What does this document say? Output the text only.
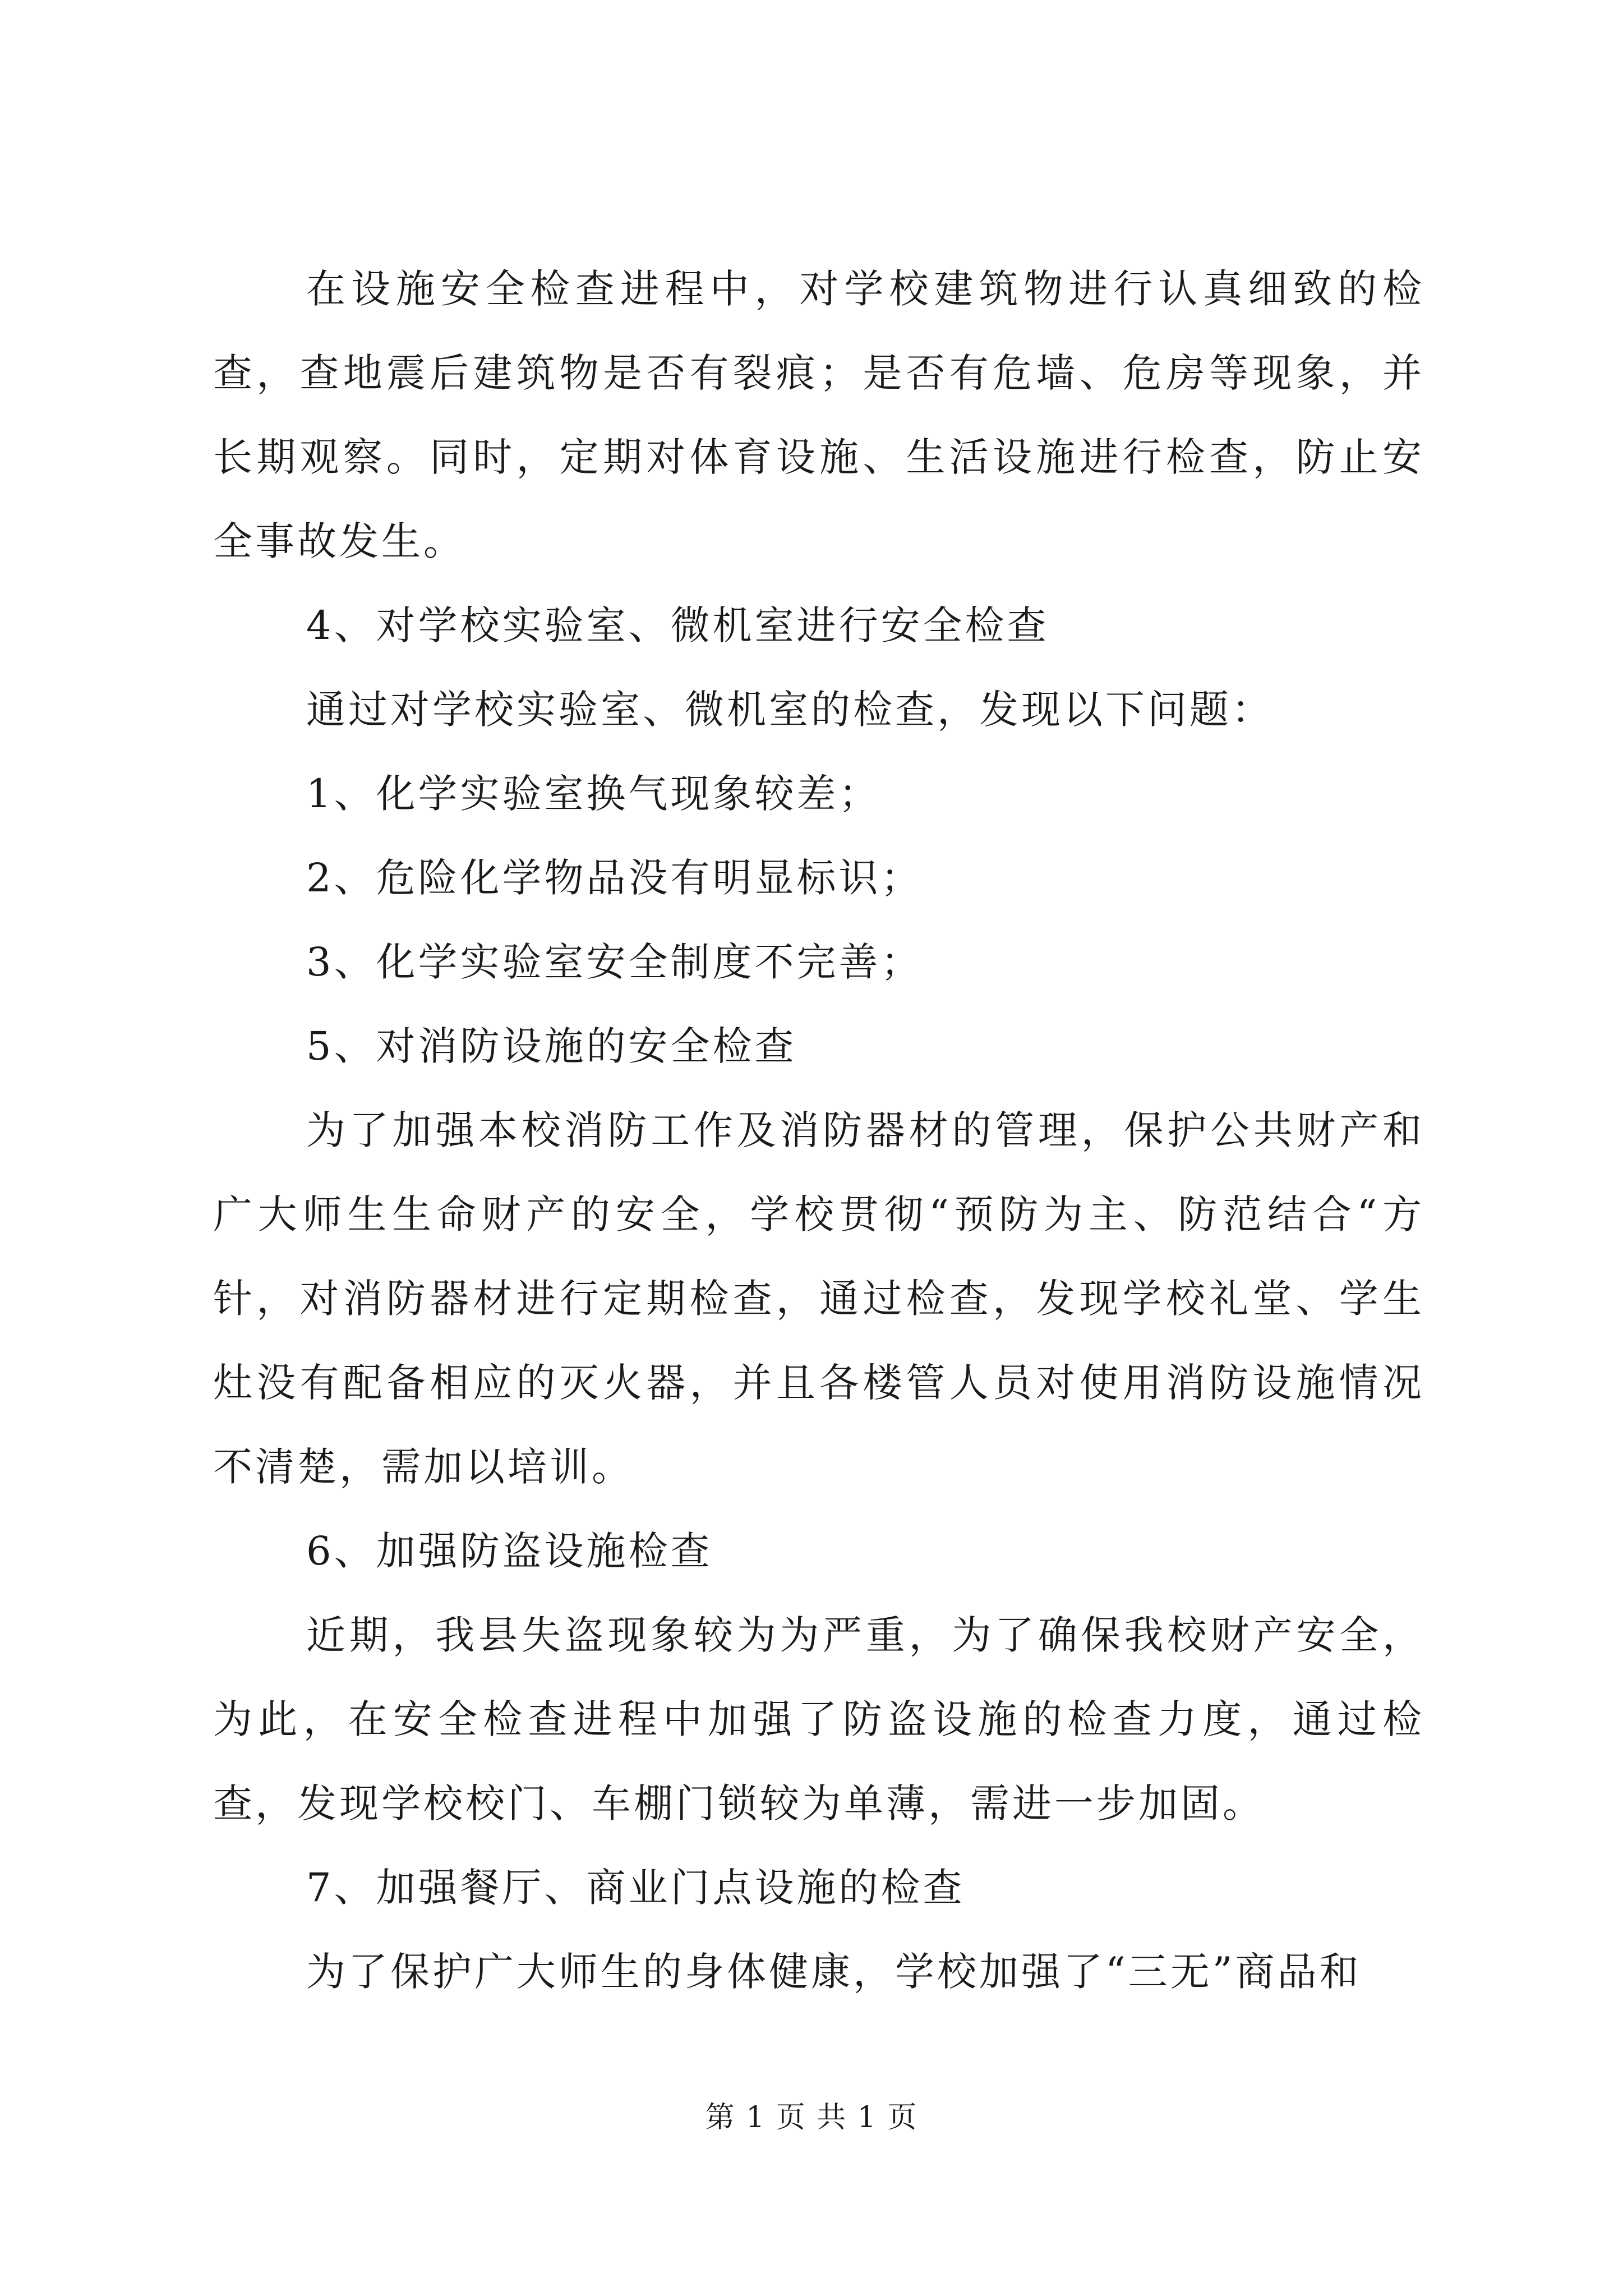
在设施安全检查进程中，对学校建筑物进行认真细致的检查，查地震后建筑物是否有裂痕；是否有危墙、危房等现象，并长期观察。同时，定期对体育设施、生活设施进行检查，防止安全事故发生。

4、对学校实验室、微机室进行安全检查

通过对学校实验室、微机室的检查，发现以下问题：

1、化学实验室换气现象较差；

2、危险化学物品没有明显标识；

3、化学实验室安全制度不完善；

5、对消防设施的安全检查

为了加强本校消防工作及消防器材的管理，保护公共财产和广大师生生命财产的安全，学校贯彻“预防为主、防范结合“方针，对消防器材进行定期检查，通过检查，发现学校礼堂、学生灶没有配备相应的灭火器，并且各楼管人员对使用消防设施情况不清楚，需加以培训。

6、加强防盗设施检查

近期，我县失盗现象较为为严重，为了确保我校财产安全，为此，在安全检查进程中加强了防盗设施的检查力度，通过检查，发现学校校门、车棚门锁较为单薄，需进一步加固。

7、加强餐厅、商业门点设施的检查

为了保护广大师生的身体健康，学校加强了“三无”商品和

第 1 页 共 1 页
